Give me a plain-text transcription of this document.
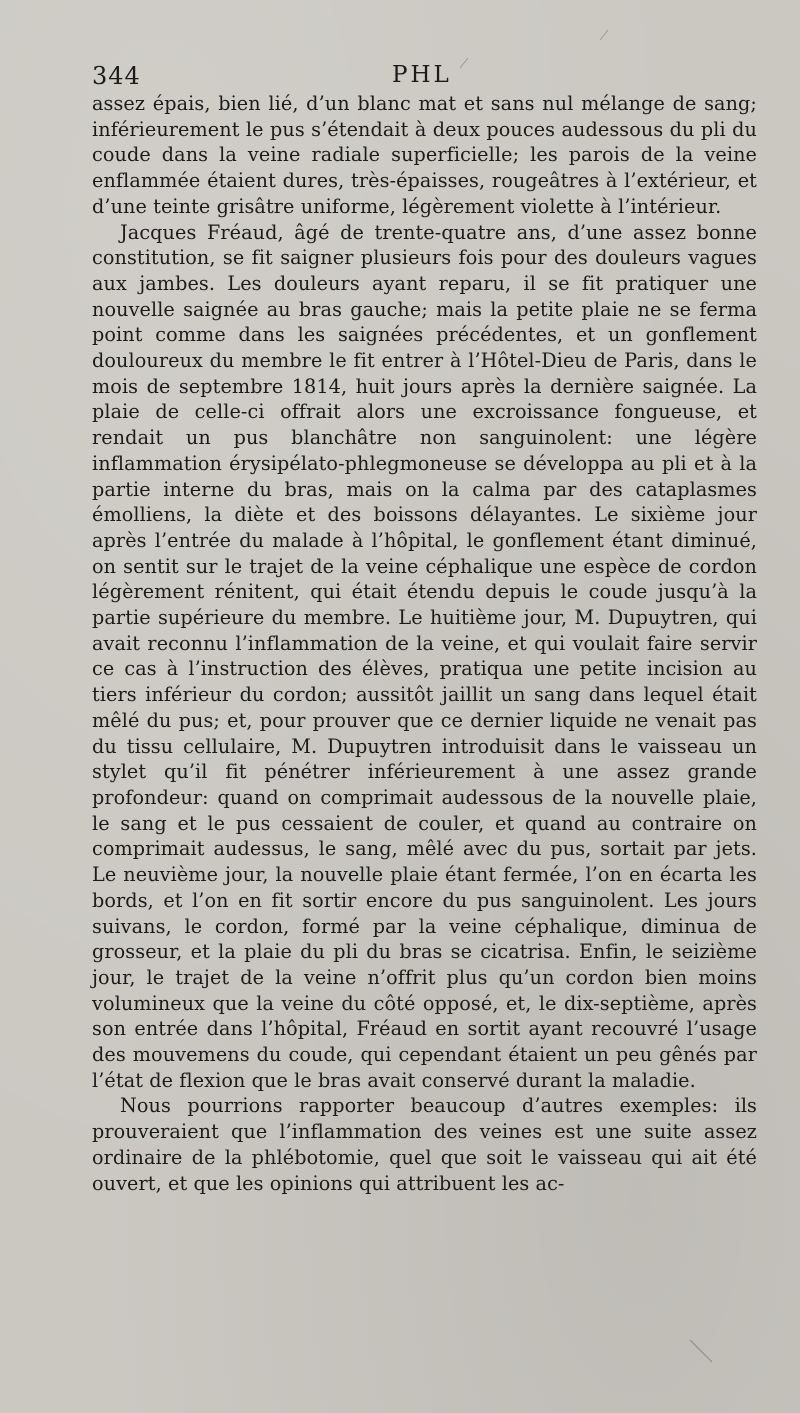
344	PHL

assez épais, bien lié, d’un blanc mat et sans nul mélange de sang; inférieurement le pus s’étendait à deux pouces audessous du pli du coude dans la veine radiale superficielle; les parois de la veine enflammée étaient dures, très-épaisses, rougeâtres à l’extérieur, et d’une teinte grisâtre uniforme, légèrement violette à l’intérieur.

Jacques Fréaud, âgé de trente-quatre ans, d’une assez bonne constitution, se fit saigner plusieurs fois pour des douleurs vagues aux jambes. Les douleurs ayant reparu, il se fit pratiquer une nouvelle saignée au bras gauche; mais la petite plaie ne se ferma point comme dans les saignées précédentes, et un gonflement douloureux du membre le fit entrer à l’Hôtel-Dieu de Paris, dans le mois de septembre 1814, huit jours après la dernière saignée. La plaie de celle-ci offrait alors une excroissance fongueuse, et rendait un pus blanchâtre non sanguinolent: une légère inflammation érysipélato-phlegmoneuse se développa au pli et à la partie interne du bras, mais on la calma par des cataplasmes émolliens, la diète et des boissons délayantes. Le sixième jour après l’entrée du malade à l’hôpital, le gonflement étant diminué, on sentit sur le trajet de la veine céphalique une espèce de cordon légèrement rénitent, qui était étendu depuis le coude jusqu’à la partie supérieure du membre. Le huitième jour, M. Dupuytren, qui avait reconnu l’inflammation de la veine, et qui voulait faire servir ce cas à l’instruction des élèves, pratiqua une petite incision au tiers inférieur du cordon; aussitôt jaillit un sang dans lequel était mêlé du pus; et, pour prouver que ce dernier liquide ne venait pas du tissu cellulaire, M. Dupuytren introduisit dans le vaisseau un stylet qu’il fit pénétrer inférieurement à une assez grande profondeur: quand on comprimait audessous de la nouvelle plaie, le sang et le pus cessaient de couler, et quand au contraire on comprimait audessus, le sang, mêlé avec du pus, sortait par jets. Le neuvième jour, la nouvelle plaie étant fermée, l’on en écarta les bords, et l’on en fit sortir encore du pus sanguinolent. Les jours suivans, le cordon, formé par la veine céphalique, diminua de grosseur, et la plaie du pli du bras se cicatrisa. Enfin, le seizième jour, le trajet de la veine n’offrit plus qu’un cordon bien moins volumineux que la veine du côté opposé, et, le dix-septième, après son entrée dans l’hôpital, Fréaud en sortit ayant recouvré l’usage des mouvemens du coude, qui cependant étaient un peu gênés par l’état de flexion que le bras avait conservé durant la maladie.

Nous pourrions rapporter beaucoup d’autres exemples: ils prouveraient que l’inflammation des veines est une suite assez ordinaire de la phlébotomie, quel que soit le vaisseau qui ait été ouvert, et que les opinions qui attribuent les ac-
